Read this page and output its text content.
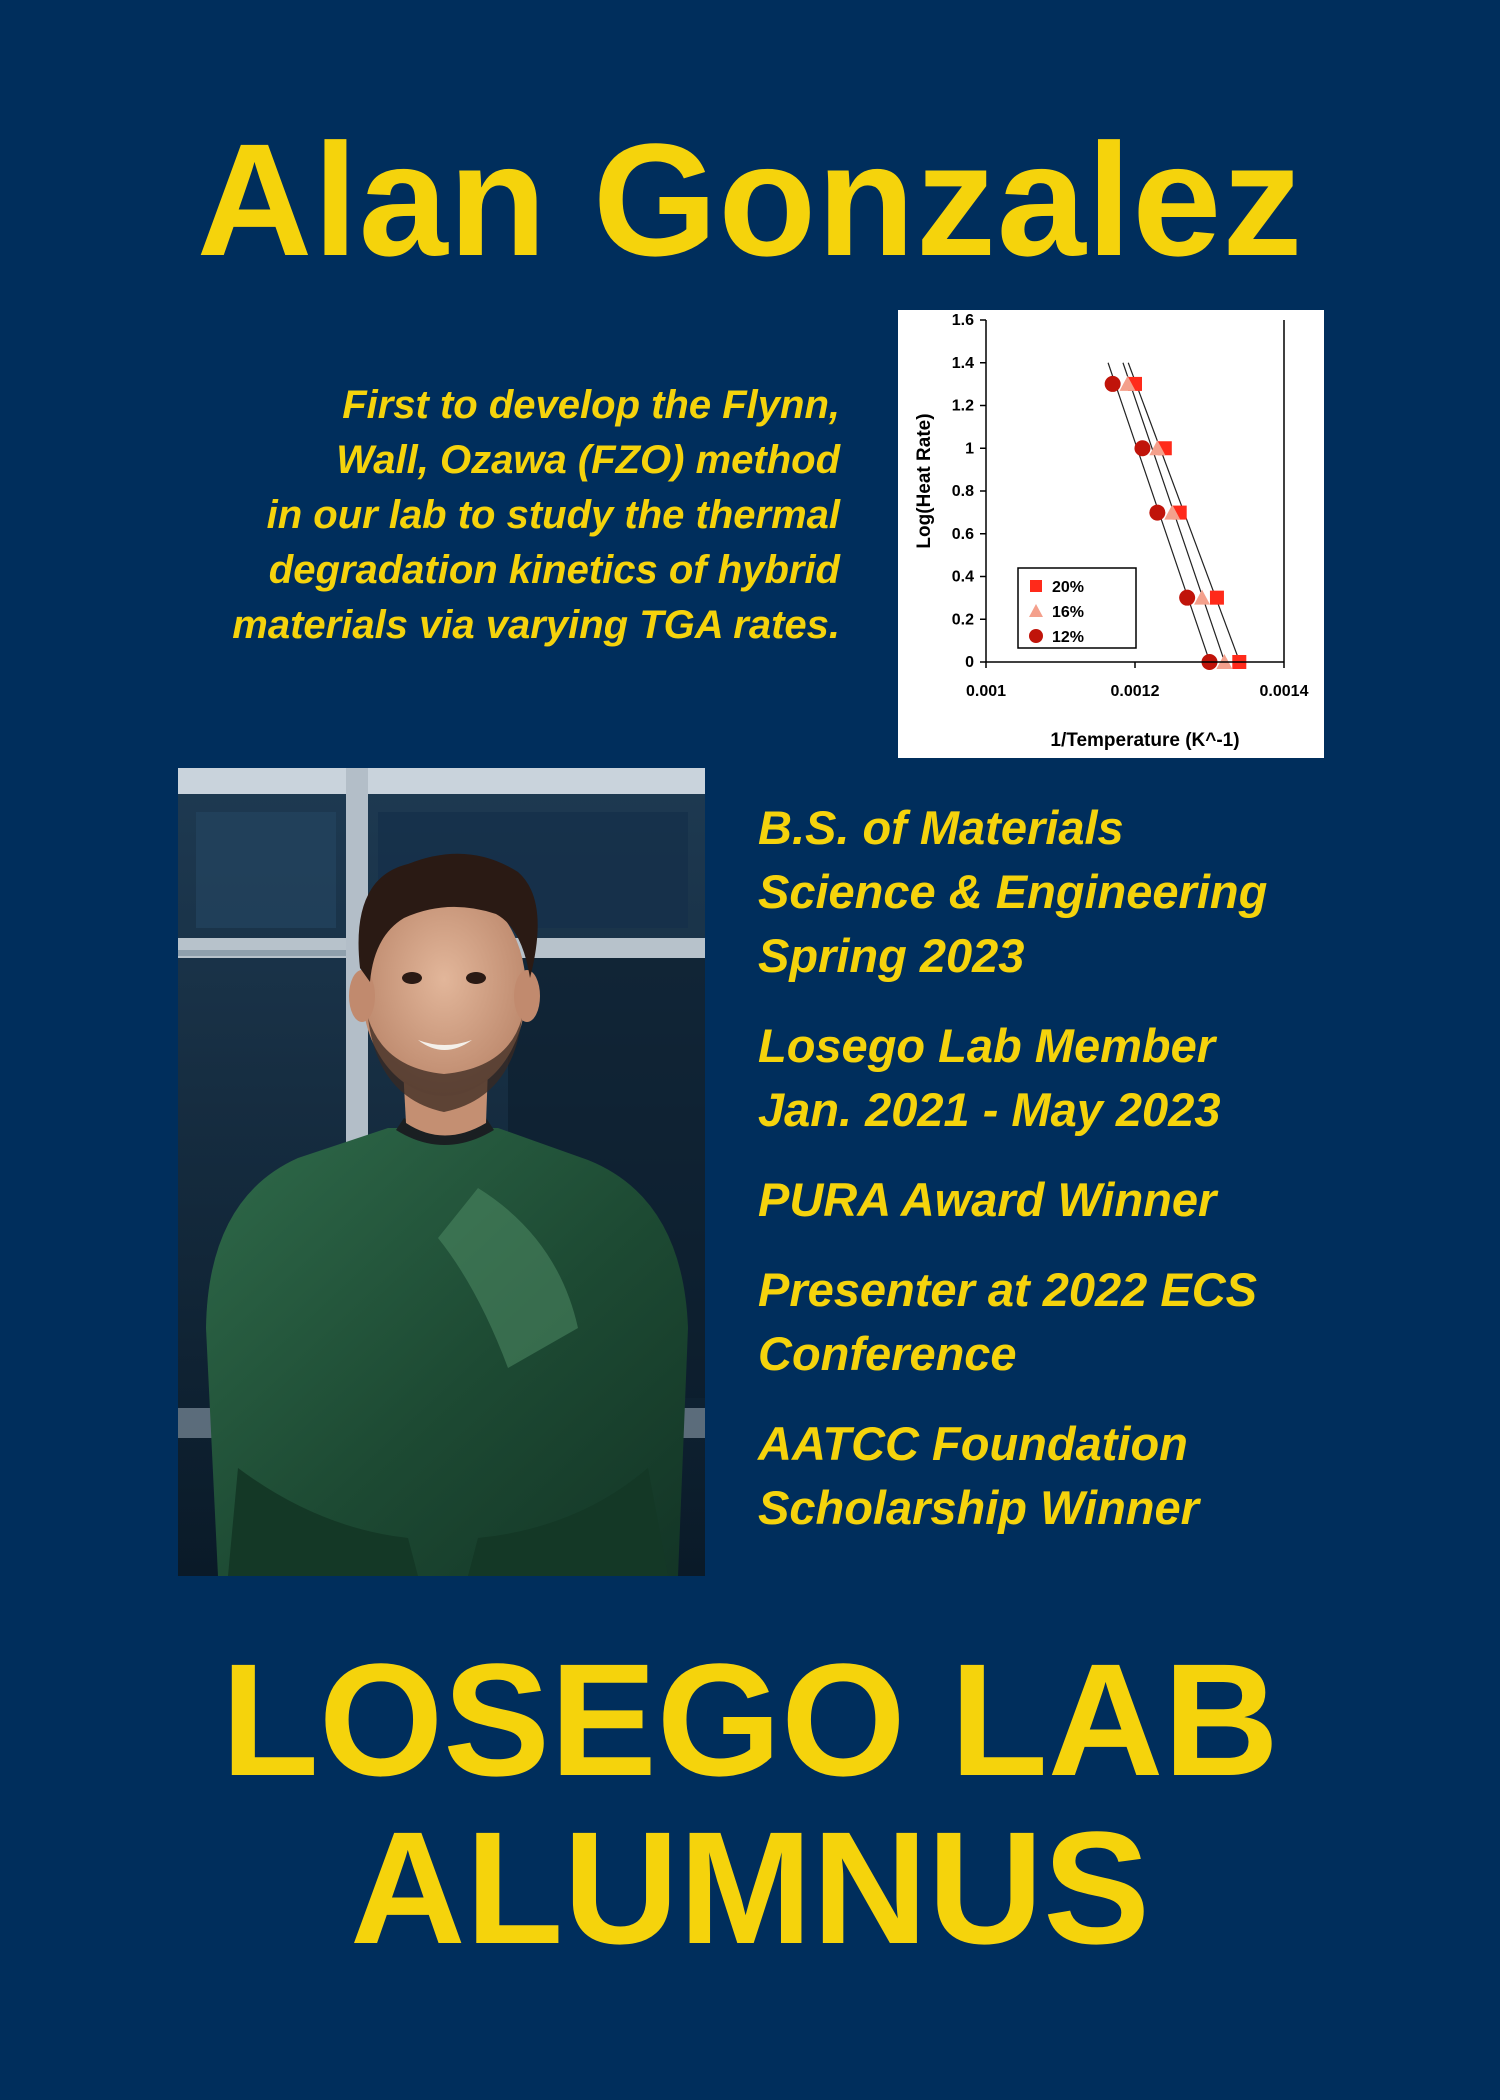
Alan Gonzalez
First to develop the Flynn,
Wall, Ozawa (FZO) method
in our lab to study the thermal
degradation kinetics of hybrid
materials via varying TGA rates.
0
0.2
0.4
0.6
0.8
1
1.2
1.4
1.6
0.001	0.0012	0.0014
1/Temperature (K^-1)
Log(Heat Rate)
20%
16%
12%
B.S. of Materials
Science & Engineering
Spring 2023
Losego Lab Member
Jan. 2021 - May 2023
PURA Award Winner
Presenter at 2022 ECS
Conference
AATCC Foundation
Scholarship Winner
LOSEGO LAB
ALUMNUS
